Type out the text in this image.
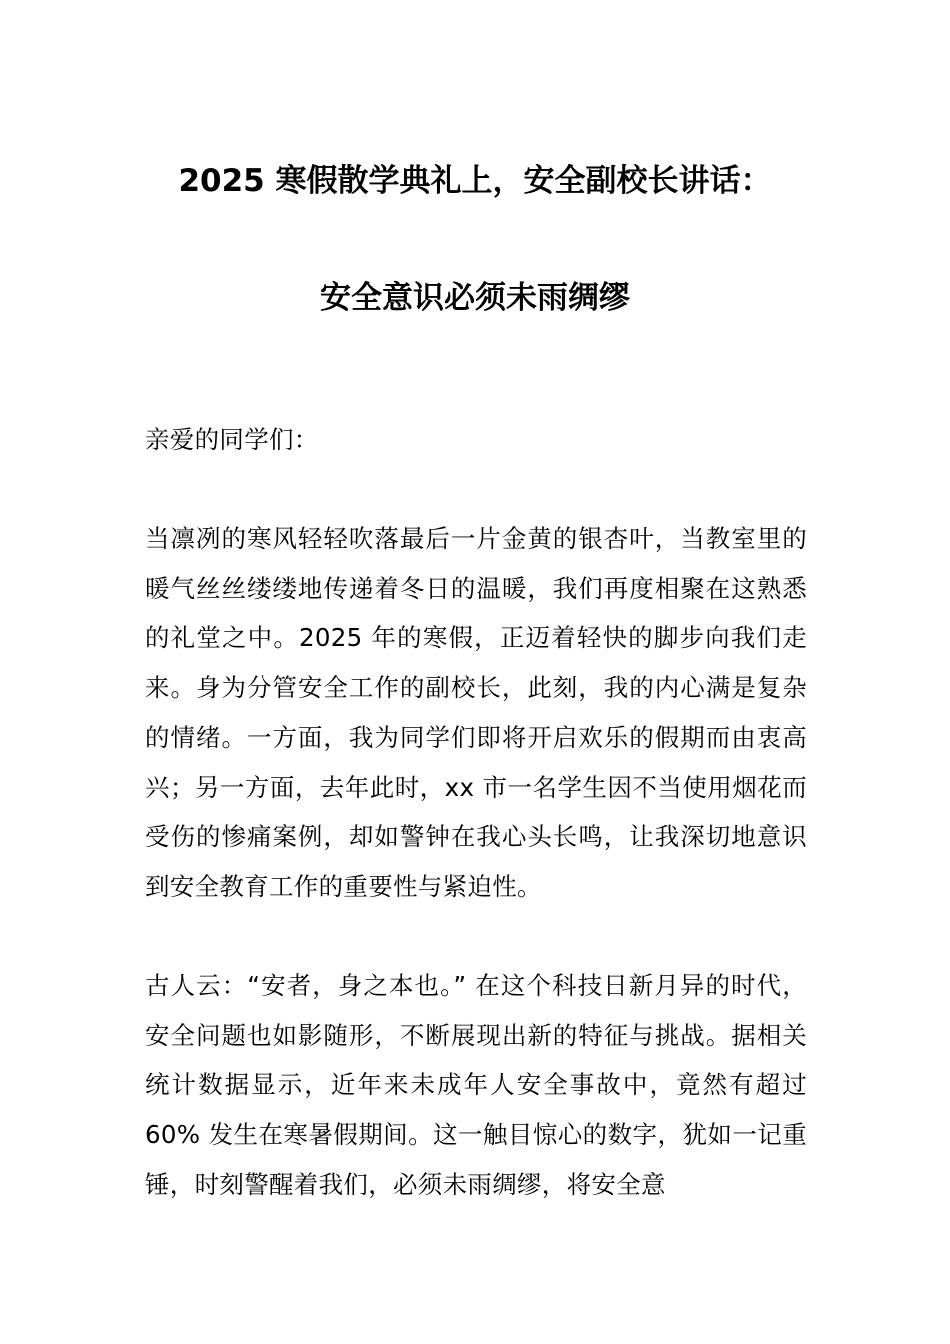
2025 寒假散学典礼上，安全副校长讲话：
安全意识必须未雨绸缪
亲爱的同学们：
当凛冽的寒风轻轻吹落最后一片金黄的银杏叶，当教室里的暖气丝丝缕缕地传递着冬日的温暖，我们再度相聚在这熟悉的礼堂之中。2025 年的寒假，正迈着轻快的脚步向我们走来。身为分管安全工作的副校长，此刻，我的内心满是复杂的情绪。一方面，我为同学们即将开启欢乐的假期而由衷高兴；另一方面，去年此时，xx 市一名学生因不当使用烟花而受伤的惨痛案例，却如警钟在我心头长鸣，让我深切地意识到安全教育工作的重要性与紧迫性。
古人云：“安者，身之本也。” 在这个科技日新月异的时代，安全问题也如影随形，不断展现出新的特征与挑战。据相关统计数据显示，近年来未成年人安全事故中，竟然有超过 60% 发生在寒暑假期间。这一触目惊心的数字，犹如一记重锤，时刻警醒着我们，必须未雨绸缪，将安全意
